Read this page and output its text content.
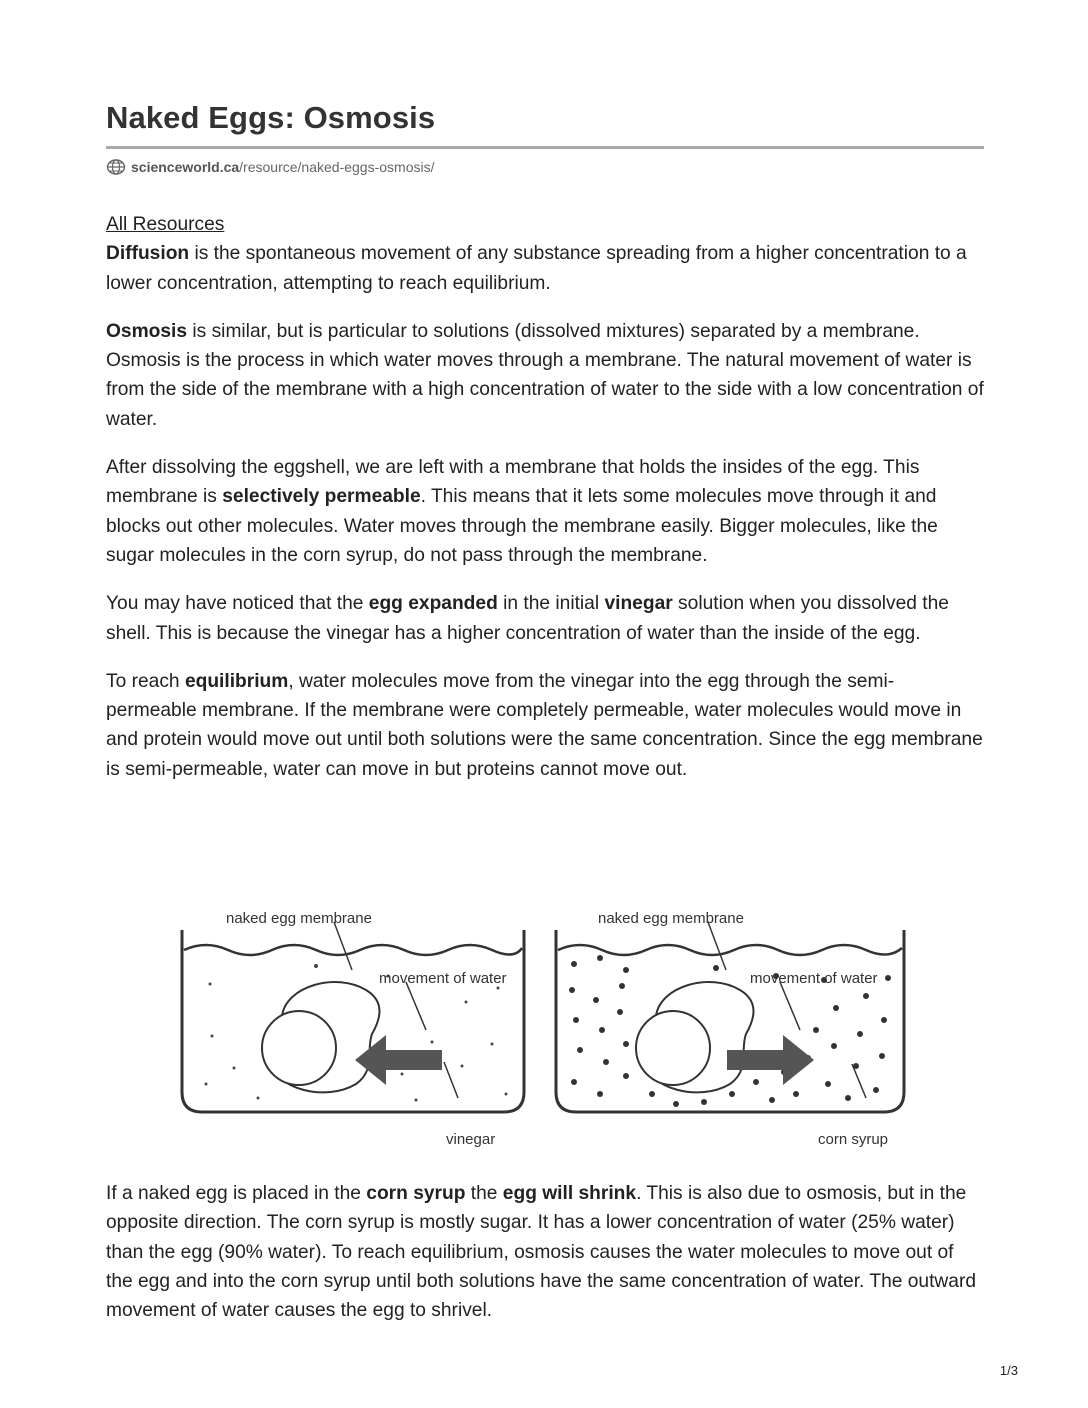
Naked Eggs: Osmosis
scienceworld.ca /resource/naked-eggs-osmosis/
All Resources

Diffusion is the spontaneous movement of any substance spreading from a higher concentration to a lower concentration, attempting to reach equilibrium.

Osmosis is similar, but is particular to solutions (dissolved mixtures) separated by a membrane. Osmosis is the process in which water moves through a membrane. The natural movement of water is from the side of the membrane with a high concentration of water to the side with a low concentration of water.

After dissolving the eggshell, we are left with a membrane that holds the insides of the egg. This membrane is selectively permeable. This means that it lets some molecules move through it and blocks out other molecules. Water moves through the membrane easily. Bigger molecules, like the sugar molecules in the corn syrup, do not pass through the membrane.

You may have noticed that the egg expanded in the initial vinegar solution when you dissolved the shell. This is because the vinegar has a higher concentration of water than the inside of the egg.

To reach equilibrium, water molecules move from the vinegar into the egg through the semi-permeable membrane. If the membrane were completely permeable, water molecules would move in and protein would move out until both solutions were the same concentration. Since the egg membrane is semi-permeable, water can move in but proteins cannot move out.

naked egg membrane
movement of water
vinegar
naked egg membrane
movement of water
corn syrup

If a naked egg is placed in the corn syrup the egg will shrink. This is also due to osmosis, but in the opposite direction. The corn syrup is mostly sugar. It has a lower concentration of water (25% water) than the egg (90% water). To reach equilibrium, osmosis causes the water molecules to move out of the egg and into the corn syrup until both solutions have the same concentration of water. The outward movement of water causes the egg to shrivel.

1/3
